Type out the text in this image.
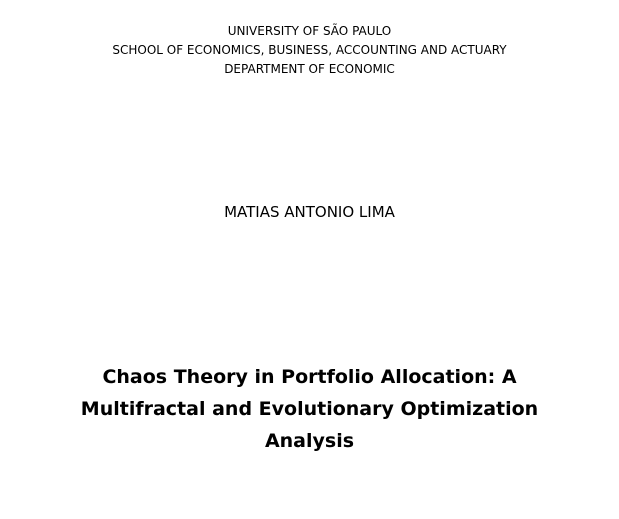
UNIVERSITY OF SÃO PAULO
SCHOOL OF ECONOMICS, BUSINESS, ACCOUNTING AND ACTUARY
DEPARTMENT OF ECONOMIC
MATIAS ANTONIO LIMA
Chaos Theory in Portfolio Allocation: A
Multifractal and Evolutionary Optimization
Analysis
